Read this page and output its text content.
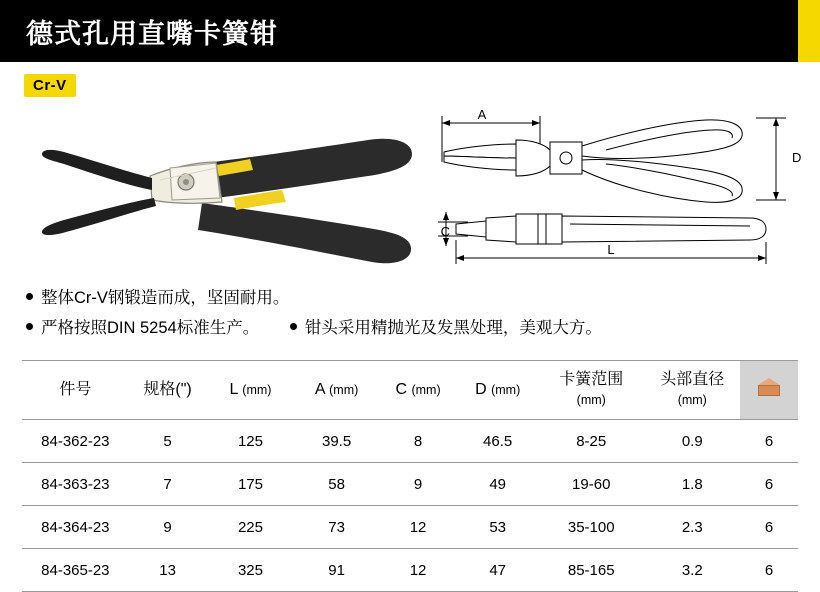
德式孔用直嘴卡簧钳
Cr-V
A
D
C
L
整体Cr-V钢锻造而成，坚固耐用。
严格按照DIN 5254标准生产。	钳头采用精抛光及发黑处理，美观大方。
件号	规格(")	L (mm)	A (mm)	C (mm)	D (mm)	卡簧范围
(mm)	头部直径
(mm)	

84-362-23	5	125	39.5	8	46.5	8-25	0.9	6
84-363-23	7	175	58	9	49	19-60	1.8	6
84-364-23	9	225	73	12	53	35-100	2.3	6
84-365-23	13	325	91	12	47	85-165	3.2	6
